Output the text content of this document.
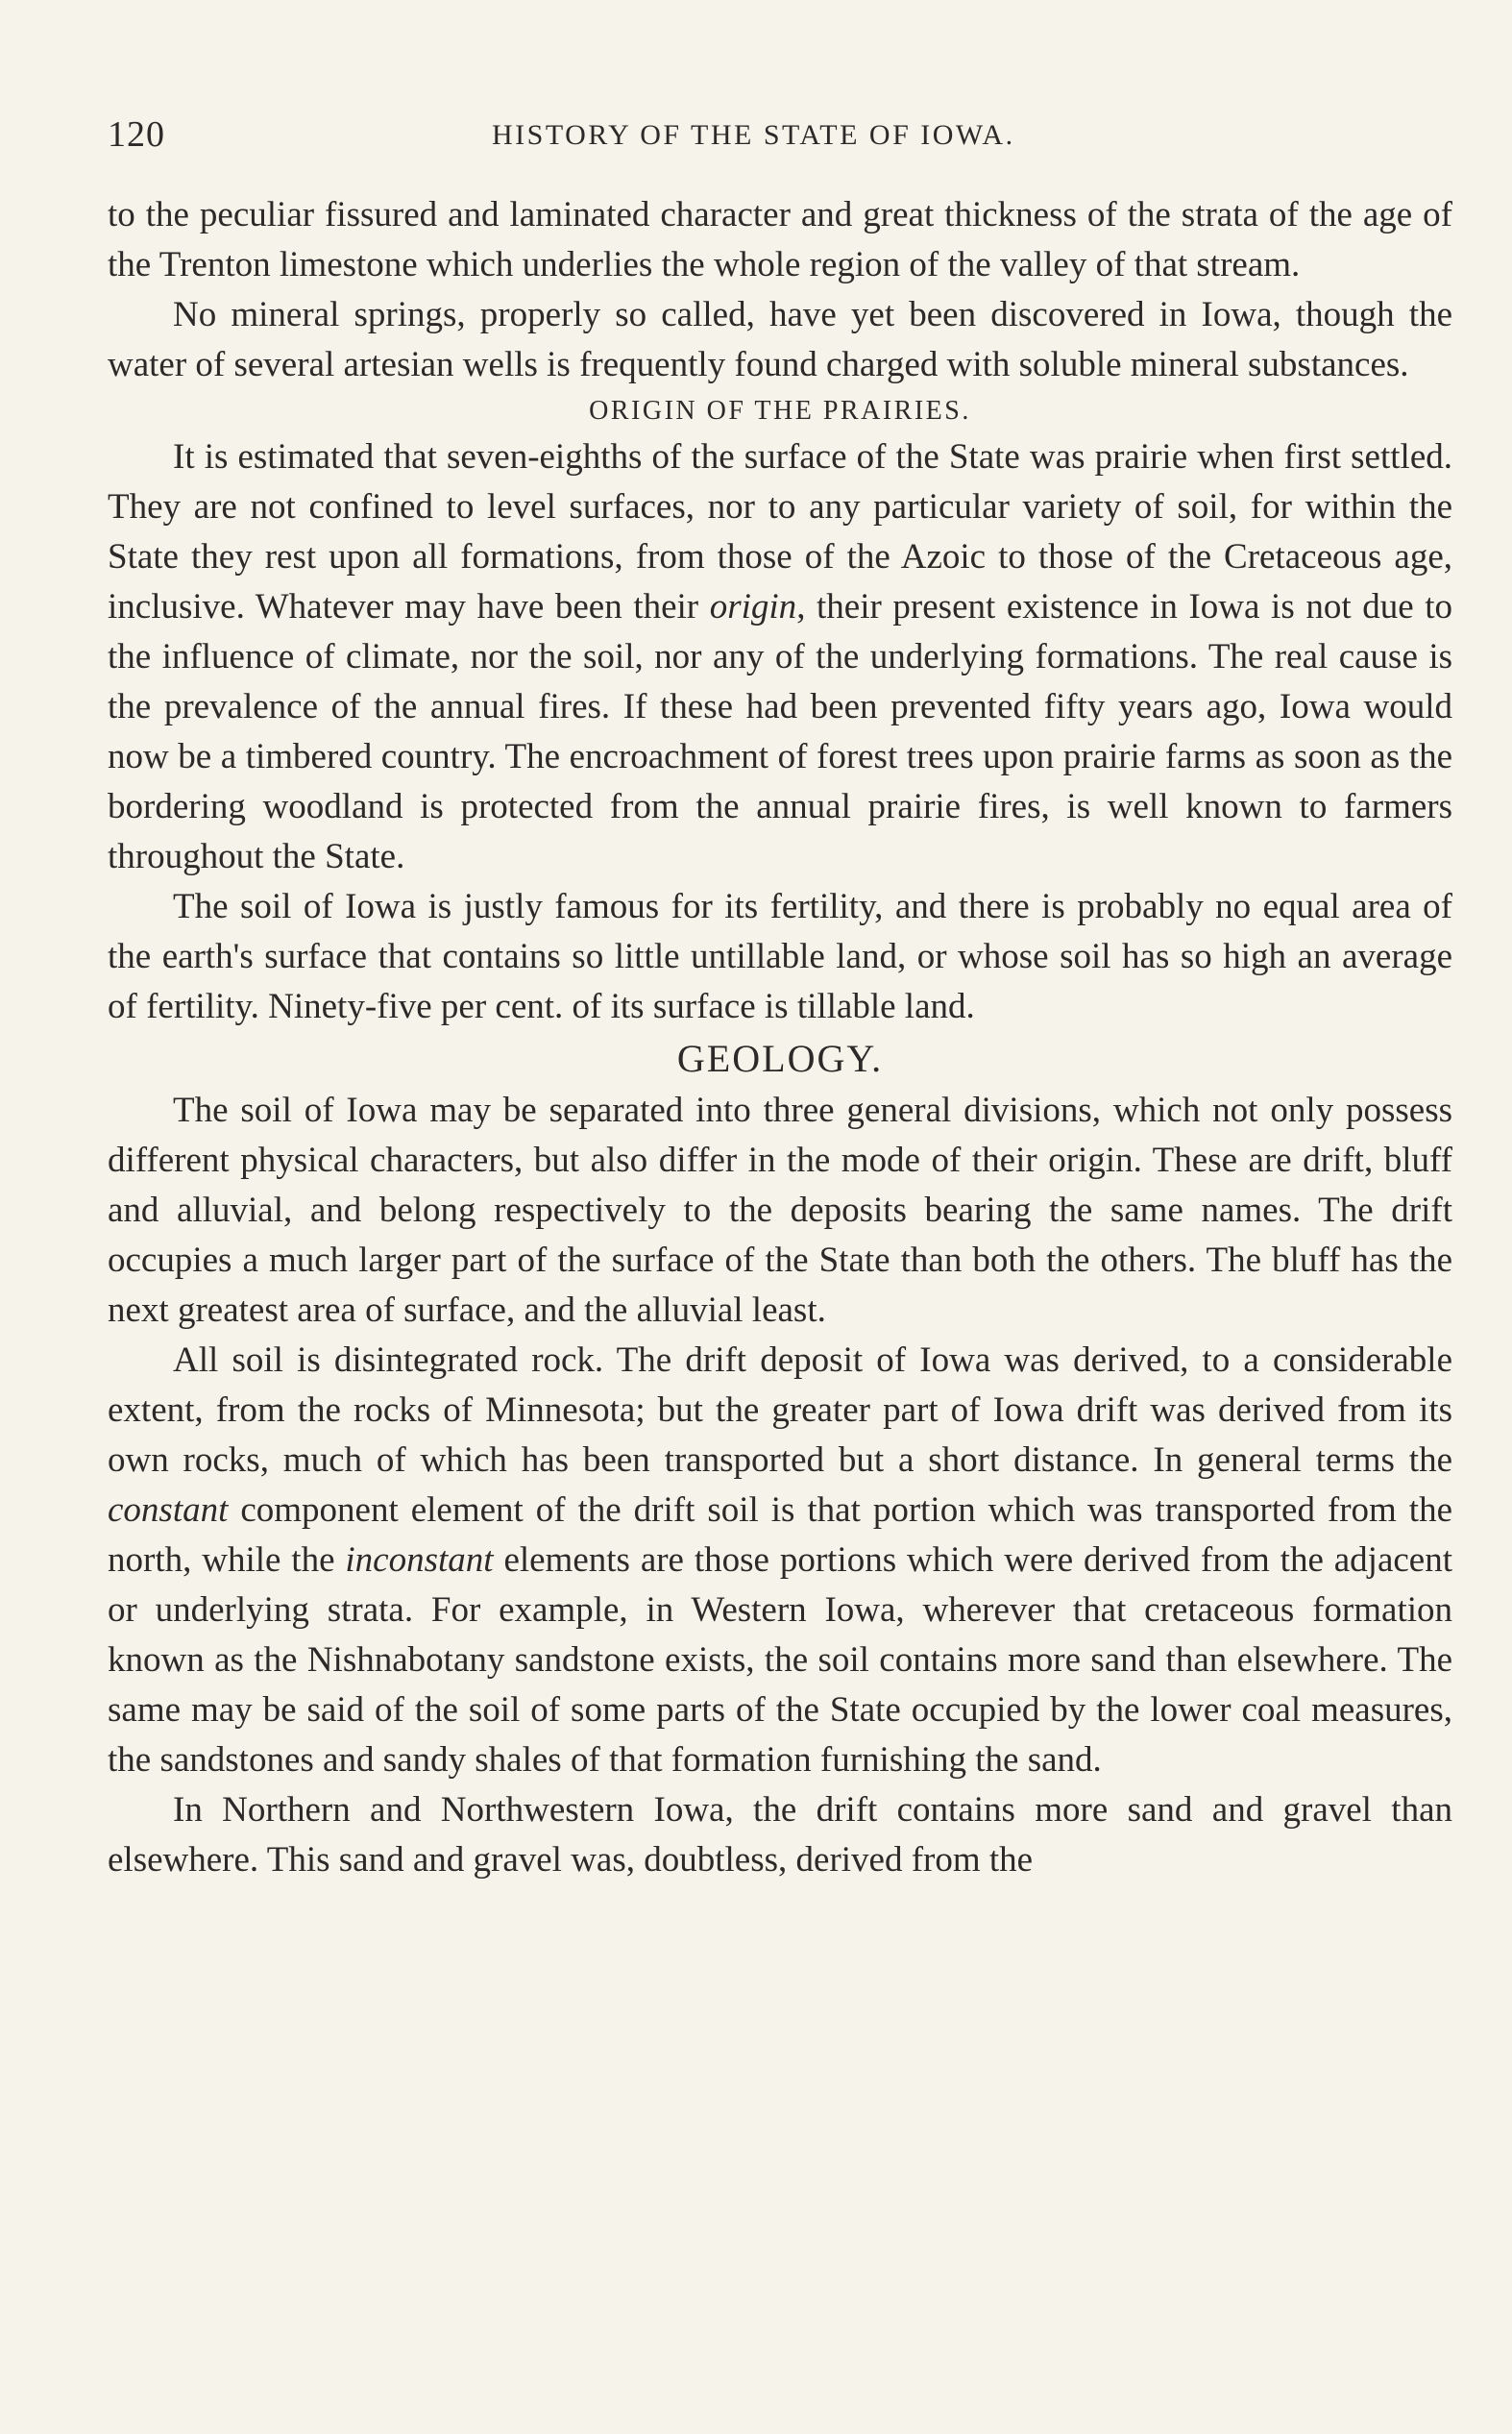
120	HISTORY OF THE STATE OF IOWA.

to the peculiar fissured and laminated character and great thickness of the strata of the age of the Trenton limestone which underlies the whole region of the valley of that stream.

No mineral springs, properly so called, have yet been discovered in Iowa, though the water of several artesian wells is frequently found charged with soluble mineral substances.

ORIGIN OF THE PRAIRIES.

It is estimated that seven-eighths of the surface of the State was prairie when first settled. They are not confined to level surfaces, nor to any particular variety of soil, for within the State they rest upon all formations, from those of the Azoic to those of the Cretaceous age, inclusive. Whatever may have been their origin, their present existence in Iowa is not due to the influence of climate, nor the soil, nor any of the underlying formations. The real cause is the prevalence of the annual fires. If these had been prevented fifty years ago, Iowa would now be a timbered country. The encroachment of forest trees upon prairie farms as soon as the bordering woodland is protected from the annual prairie fires, is well known to farmers throughout the State.

The soil of Iowa is justly famous for its fertility, and there is probably no equal area of the earth's surface that contains so little untillable land, or whose soil has so high an average of fertility. Ninety-five per cent. of its surface is tillable land.

GEOLOGY.

The soil of Iowa may be separated into three general divisions, which not only possess different physical characters, but also differ in the mode of their origin. These are drift, bluff and alluvial, and belong respectively to the deposits bearing the same names. The drift occupies a much larger part of the surface of the State than both the others. The bluff has the next greatest area of surface, and the alluvial least.

All soil is disintegrated rock. The drift deposit of Iowa was derived, to a considerable extent, from the rocks of Minnesota; but the greater part of Iowa drift was derived from its own rocks, much of which has been transported but a short distance. In general terms the constant component element of the drift soil is that portion which was transported from the north, while the inconstant elements are those portions which were derived from the adjacent or underlying strata. For example, in Western Iowa, wherever that cretaceous formation known as the Nishnabotany sandstone exists, the soil contains more sand than elsewhere. The same may be said of the soil of some parts of the State occupied by the lower coal measures, the sandstones and sandy shales of that formation furnishing the sand.

In Northern and Northwestern Iowa, the drift contains more sand and gravel than elsewhere. This sand and gravel was, doubtless, derived from the
